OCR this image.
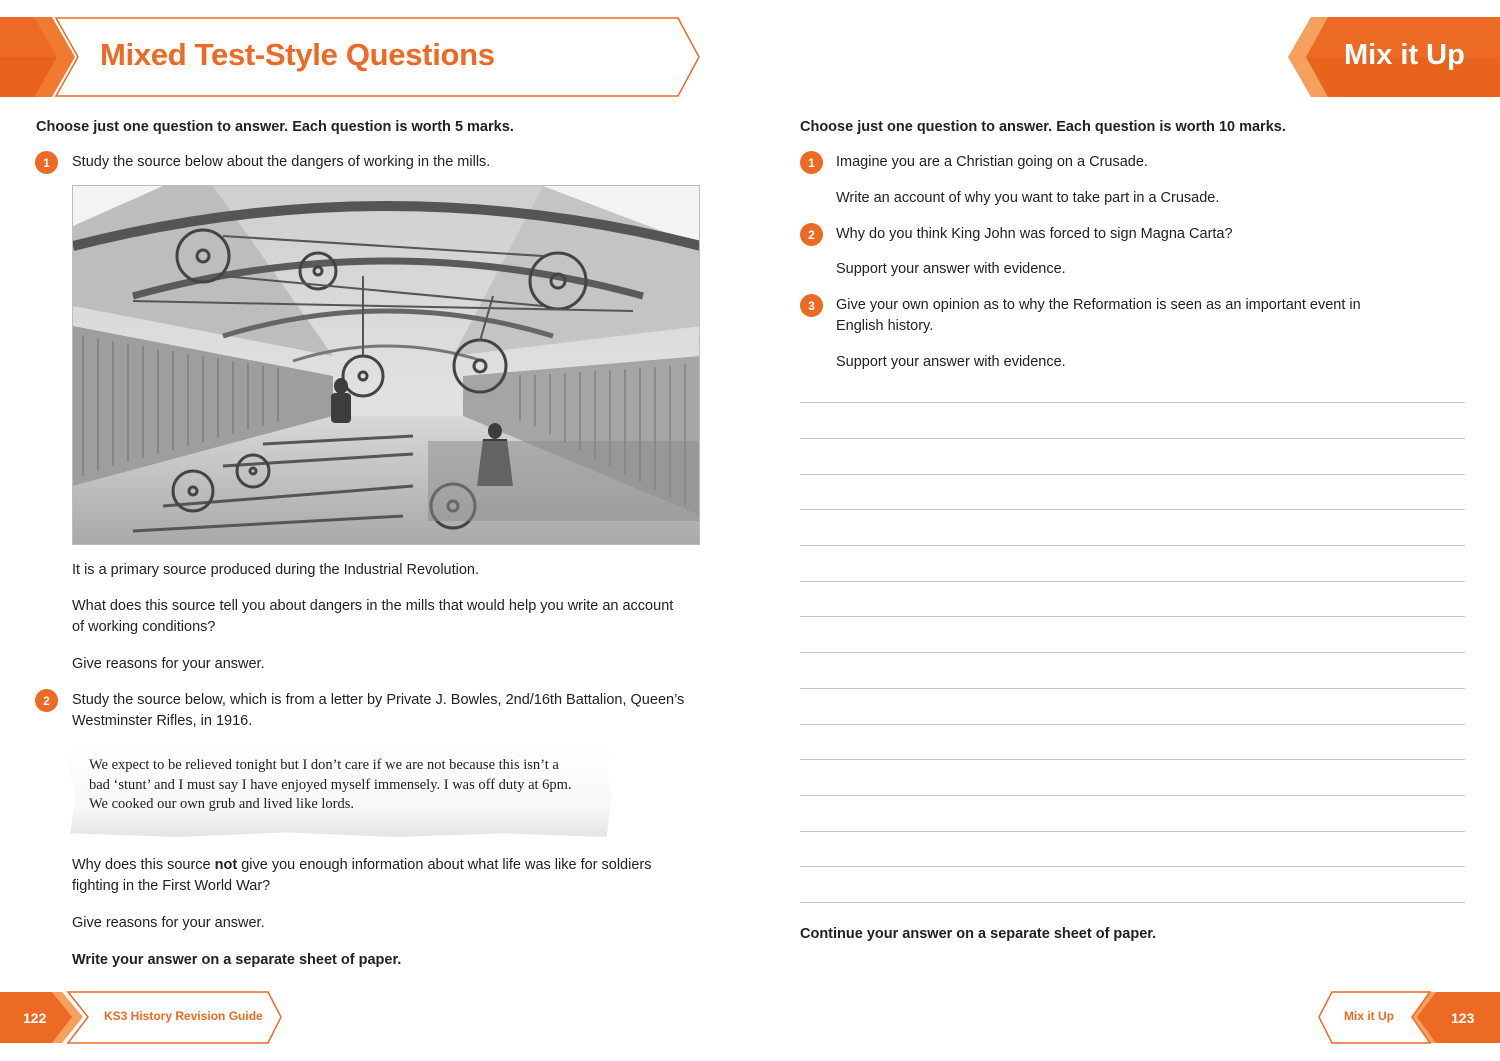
Mixed Test-Style Questions	Mix it Up
Choose just one question to answer. Each question is worth 5 marks.
1	Study the source below about the dangers of working in the mills.
It is a primary source produced during the Industrial Revolution.
What does this source tell you about dangers in the mills that would help you write an account
of working conditions?
Give reasons for your answer.
2	Study the source below, which is from a letter by Private J. Bowles, 2nd/16th Battalion, Queen’s
Westminster Rifles, in 1916.
We expect to be relieved tonight but I don’t care if we are not because this isn’t a
bad ‘stunt’ and I must say I have enjoyed myself immensely. I was off duty at 6pm.
We cooked our own grub and lived like lords.
Why does this source not give you enough information about what life was like for soldiers
fighting in the First World War?
Give reasons for your answer.
Write your answer on a separate sheet of paper.
Choose just one question to answer. Each question is worth 10 marks.
1	Imagine you are a Christian going on a Crusade.
Write an account of why you want to take part in a Crusade.
2	Why do you think King John was forced to sign Magna Carta?
Support your answer with evidence.
3	Give your own opinion as to why the Reformation is seen as an important event in
English history.
Support your answer with evidence.
Continue your answer on a separate sheet of paper.
122	KS3 History Revision Guide	Mix it Up	123
